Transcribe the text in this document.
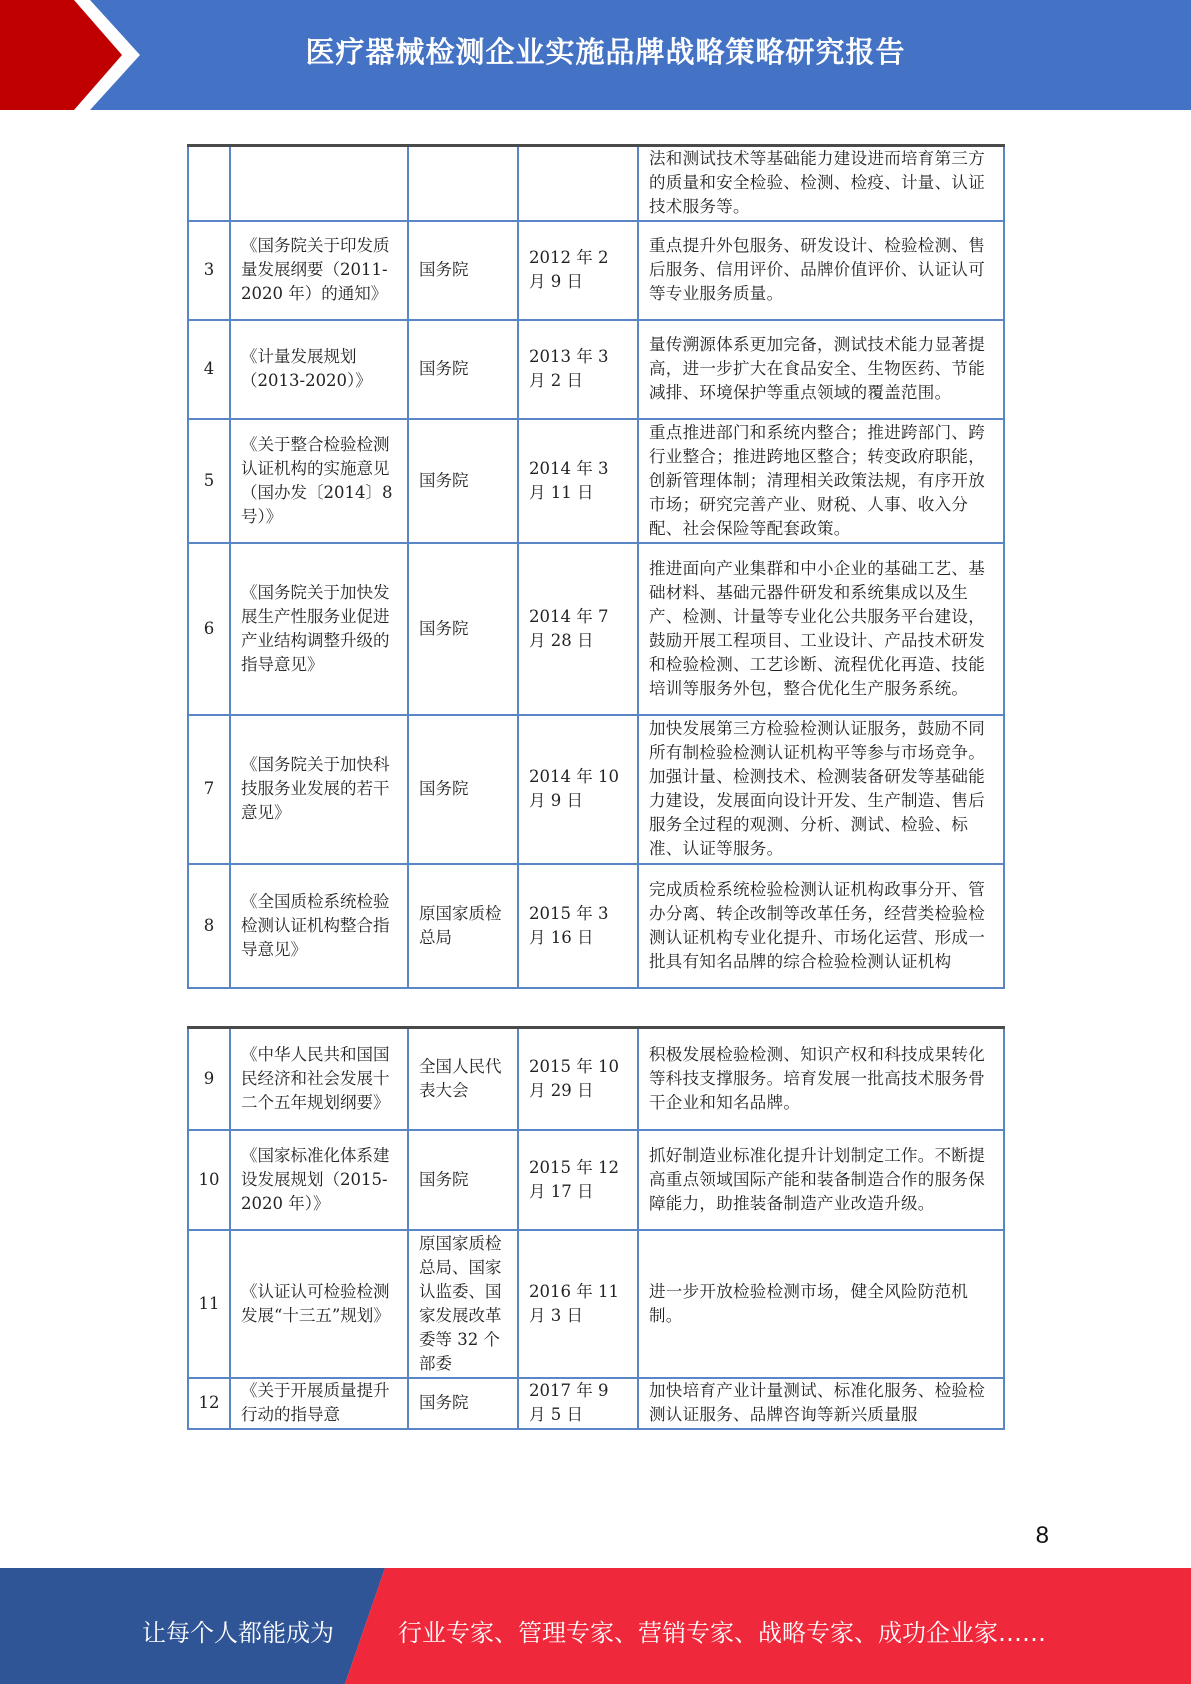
医疗器械检测企业实施品牌战略策略研究报告
				法和测试技术等基础能力建设进而培育第三方的质量和安全检验、检测、检疫、计量、认证技术服务等。
3	《国务院关于印发质量发展纲要（2011-2020 年）的通知》	国务院	2012 年 2 月 9 日	重点提升外包服务、研发设计、检验检测、售后服务、信用评价、品牌价值评价、认证认可等专业服务质量。
4	《计量发展规划（2013-2020）》	国务院	2013 年 3 月 2 日	量传溯源体系更加完备，测试技术能力显著提高，进一步扩大在食品安全、生物医药、节能减排、环境保护等重点领域的覆盖范围。
5	《关于整合检验检测认证机构的实施意见（国办发〔2014〕8 号）》	国务院	2014 年 3 月 11 日	重点推进部门和系统内整合；推进跨部门、跨行业整合；推进跨地区整合；转变政府职能，创新管理体制；清理相关政策法规，有序开放市场；研究完善产业、财税、人事、收入分配、社会保险等配套政策。
6	《国务院关于加快发展生产性服务业促进产业结构调整升级的指导意见》	国务院	2014 年 7 月 28 日	推进面向产业集群和中小企业的基础工艺、基础材料、基础元器件研发和系统集成以及生产、检测、计量等专业化公共服务平台建设，鼓励开展工程项目、工业设计、产品技术研发和检验检测、工艺诊断、流程优化再造、技能培训等服务外包，整合优化生产服务系统。
7	《国务院关于加快科技服务业发展的若干意见》	国务院	2014 年 10 月 9 日	加快发展第三方检验检测认证服务，鼓励不同所有制检验检测认证机构平等参与市场竞争。加强计量、检测技术、检测装备研发等基础能力建设，发展面向设计开发、生产制造、售后服务全过程的观测、分析、测试、检验、标准、认证等服务。
8	《全国质检系统检验检测认证机构整合指导意见》	原国家质检总局	2015 年 3 月 16 日	完成质检系统检验检测认证机构政事分开、管办分离、转企改制等改革任务，经营类检验检测认证机构专业化提升、市场化运营、形成一批具有知名品牌的综合检验检测认证机构
9	《中华人民共和国国民经济和社会发展十二个五年规划纲要》	全国人民代表大会	2015 年 10 月 29 日	积极发展检验检测、知识产权和科技成果转化等科技支撑服务。培育发展一批高技术服务骨干企业和知名品牌。
10	《国家标准化体系建设发展规划（2015-2020 年）》	国务院	2015 年 12 月 17 日	抓好制造业标准化提升计划制定工作。不断提高重点领域国际产能和装备制造合作的服务保障能力，助推装备制造产业改造升级。
11	《认证认可检验检测发展“十三五”规划》	原国家质检总局、国家认监委、国家发展改革委等 32 个部委	2016 年 11 月 3 日	进一步开放检验检测市场，健全风险防范机制。
12	《关于开展质量提升行动的指导意	国务院	2017 年 9 月 5 日	加快培育产业计量测试、标准化服务、检验检测认证服务、品牌咨询等新兴质量服
8
让每个人都能成为	行业专家、管理专家、营销专家、战略专家、成功企业家……
